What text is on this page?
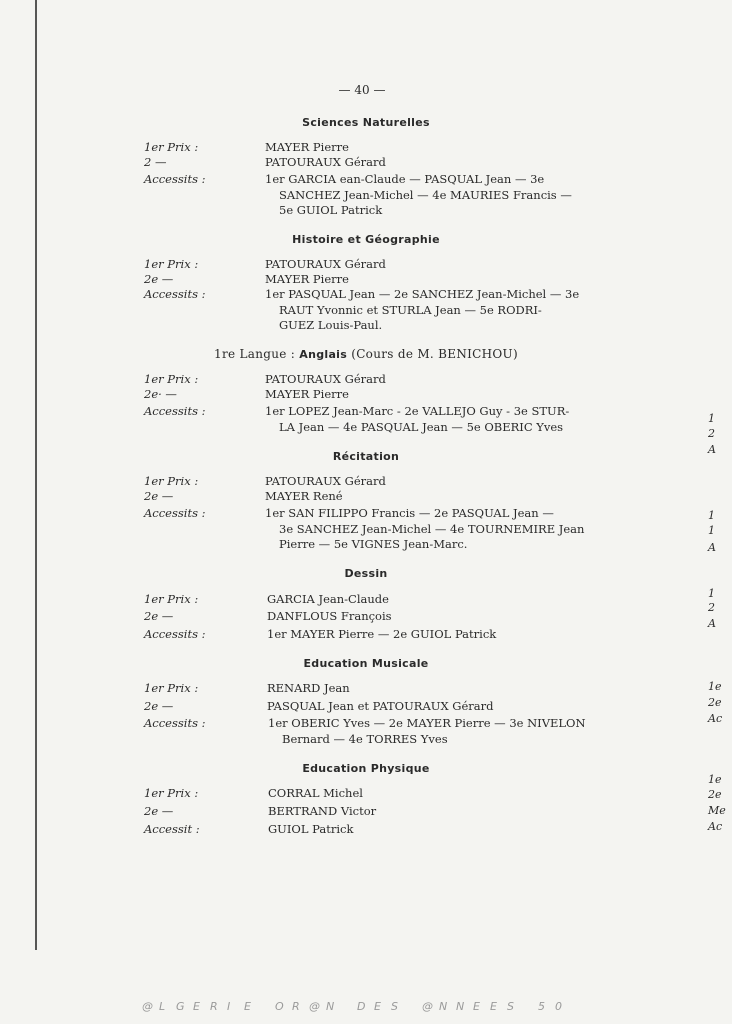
— 40 —
Sciences Naturelles
1er Prix :	MAYER Pierre
2 —	PATOURAUX Gérard
Accessits :	1er GARCIA ean-Claude — PASQUAL Jean — 3e
SANCHEZ Jean-Michel — 4e MAURIES Francis —
5e GUIOL Patrick
Histoire et Géographie
1er Prix :	PATOURAUX Gérard
2e —	MAYER Pierre
Accessits :	1er PASQUAL Jean — 2e SANCHEZ Jean-Michel — 3e
RAUT Yvonnic et STURLA Jean — 5e RODRI-
GUEZ Louis-Paul.
1re Langue : Anglais (Cours de M. BENICHOU)
1er Prix :	PATOURAUX Gérard
2e· —	MAYER Pierre
Accessits :	1er LOPEZ Jean-Marc - 2e VALLEJO Guy - 3e STUR-
LA Jean — 4e PASQUAL Jean — 5e OBERIC Yves
Récitation
1er Prix :	PATOURAUX Gérard
2e —	MAYER René
Accessits :	1er SAN FILIPPO Francis — 2e PASQUAL Jean —
3e SANCHEZ Jean-Michel — 4e TOURNEMIRE Jean
Pierre — 5e VIGNES Jean-Marc.
Dessin
1er Prix :	GARCIA Jean-Claude
2e —	DANFLOUS François
Accessits :	1er MAYER Pierre — 2e GUIOL Patrick
Education Musicale
1er Prix :	RENARD Jean
2e —	PASQUAL Jean et PATOURAUX Gérard
Accessits :	1er OBERIC Yves — 2e MAYER Pierre — 3e NIVELON
Bernard — 4e TORRES Yves
Education Physique
1er Prix :	CORRAL Michel
2e —	BERTRAND Victor
Accessit :	GUIOL Patrick
1
2
A
1
1
A
1
2
A
1e
2e
Ac
1e
2e
Me
Ac
@ L G E R I E O R @ N D E S @ N N E E S 5 0
